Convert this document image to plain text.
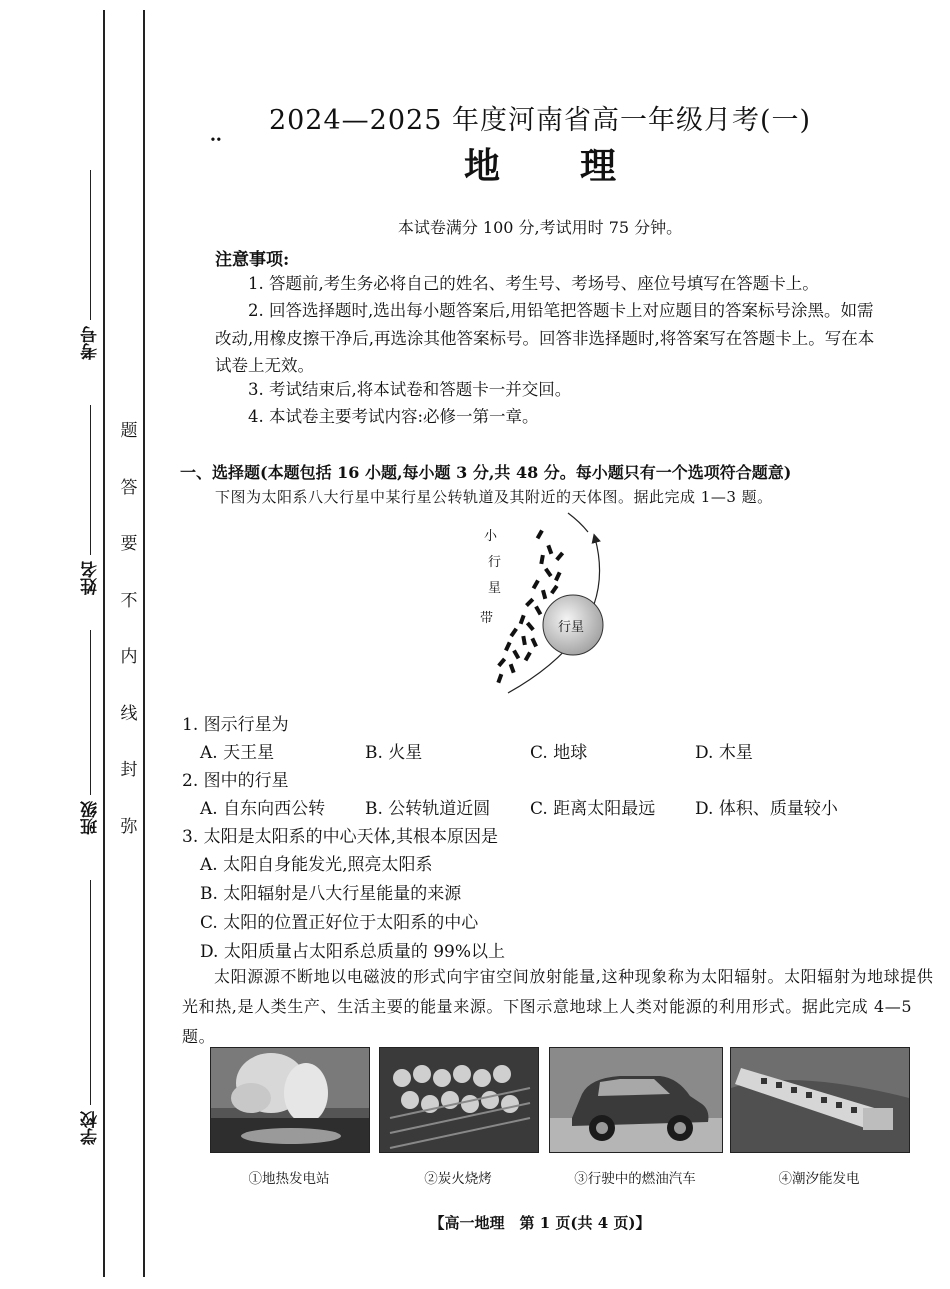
考号
姓名
班级
学校
题
答
要
不
内
线
封
弥
∙∙
2024—2025 年度河南省高一年级月考(一)
地理
本试卷满分 100 分,考试用时 75 分钟。
注意事项:
1. 答题前,考生务必将自己的姓名、考生号、考场号、座位号填写在答题卡上。
2. 回答选择题时,选出每小题答案后,用铅笔把答题卡上对应题目的答案标号涂黑。如需改动,用橡皮擦干净后,再选涂其他答案标号。回答非选择题时,将答案写在答题卡上。写在本试卷上无效。
3. 考试结束后,将本试卷和答题卡一并交回。
4. 本试卷主要考试内容:必修一第一章。
一、选择题(本题包括 16 小题,每小题 3 分,共 48 分。每小题只有一个选项符合题意)
下图为太阳系八大行星中某行星公转轨道及其附近的天体图。据此完成 1—3 题。
小
行
星
带
行星
1. 图示行星为
A. 天王星	B. 火星	C. 地球	D. 木星
2. 图中的行星
A. 自东向西公转 B. 公转轨道近圆 C. 距离太阳最远 D. 体积、质量较小
3. 太阳是太阳系的中心天体,其根本原因是
A. 太阳自身能发光,照亮太阳系
B. 太阳辐射是八大行星能量的来源
C. 太阳的位置正好位于太阳系的中心
D. 太阳质量占太阳系总质量的 99%以上
太阳源源不断地以电磁波的形式向宇宙空间放射能量,这种现象称为太阳辐射。太阳辐射为地球提供光和热,是人类生产、生活主要的能量来源。下图示意地球上人类对能源的利用形式。据此完成 4—5 题。
①地热发电站	②炭火烧烤	③行驶中的燃油汽车	④潮汐能发电
【高一地理　第 1 页(共 4 页)】
